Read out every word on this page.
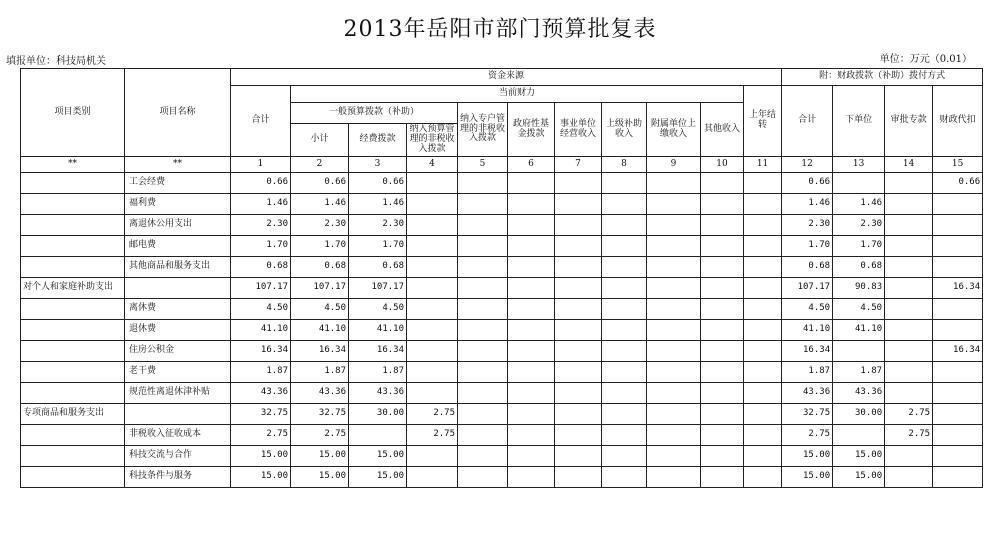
2013年岳阳市部门预算批复表
填报单位：科技局机关	单位：万元（0.01）
项目类别	项目名称	资金来源											附：财政拨款（补助）拨付方式			
		合计	当前财力									上年结转	合计	下单位	审批专款	财政代扣
			一般预算拨款（补助）			纳入专户管理的非税收入拨款	政府性基金拨款	事业单位经营收入	上级补助收入	附属单位上缴收入	其他收入					
			小计	经费拨款	纳入预算管理的非税收入拨款											
**	**	1	2	3	4	5	6	7	8	9	10	11	12	13	14	15
	工会经费	0.66	0.66	0.66									0.66			0.66
	福利费	1.46	1.46	1.46									1.46	1.46		
	离退休公用支出	2.30	2.30	2.30									2.30	2.30		
	邮电费	1.70	1.70	1.70									1.70	1.70		
	其他商品和服务支出	0.68	0.68	0.68									0.68	0.68		
对个人和家庭补助支出		107.17	107.17	107.17									107.17	90.83		16.34
	离休费	4.50	4.50	4.50									4.50	4.50		
	退休费	41.10	41.10	41.10									41.10	41.10		
	住房公积金	16.34	16.34	16.34									16.34			16.34
	老干费	1.87	1.87	1.87									1.87	1.87		
	规范性离退休津补贴	43.36	43.36	43.36									43.36	43.36		
专项商品和服务支出		32.75	32.75	30.00	2.75								32.75	30.00	2.75	
	非税收入征收成本	2.75	2.75		2.75								2.75		2.75	
	科技交流与合作	15.00	15.00	15.00									15.00	15.00		
	科技条件与服务	15.00	15.00	15.00									15.00	15.00		
